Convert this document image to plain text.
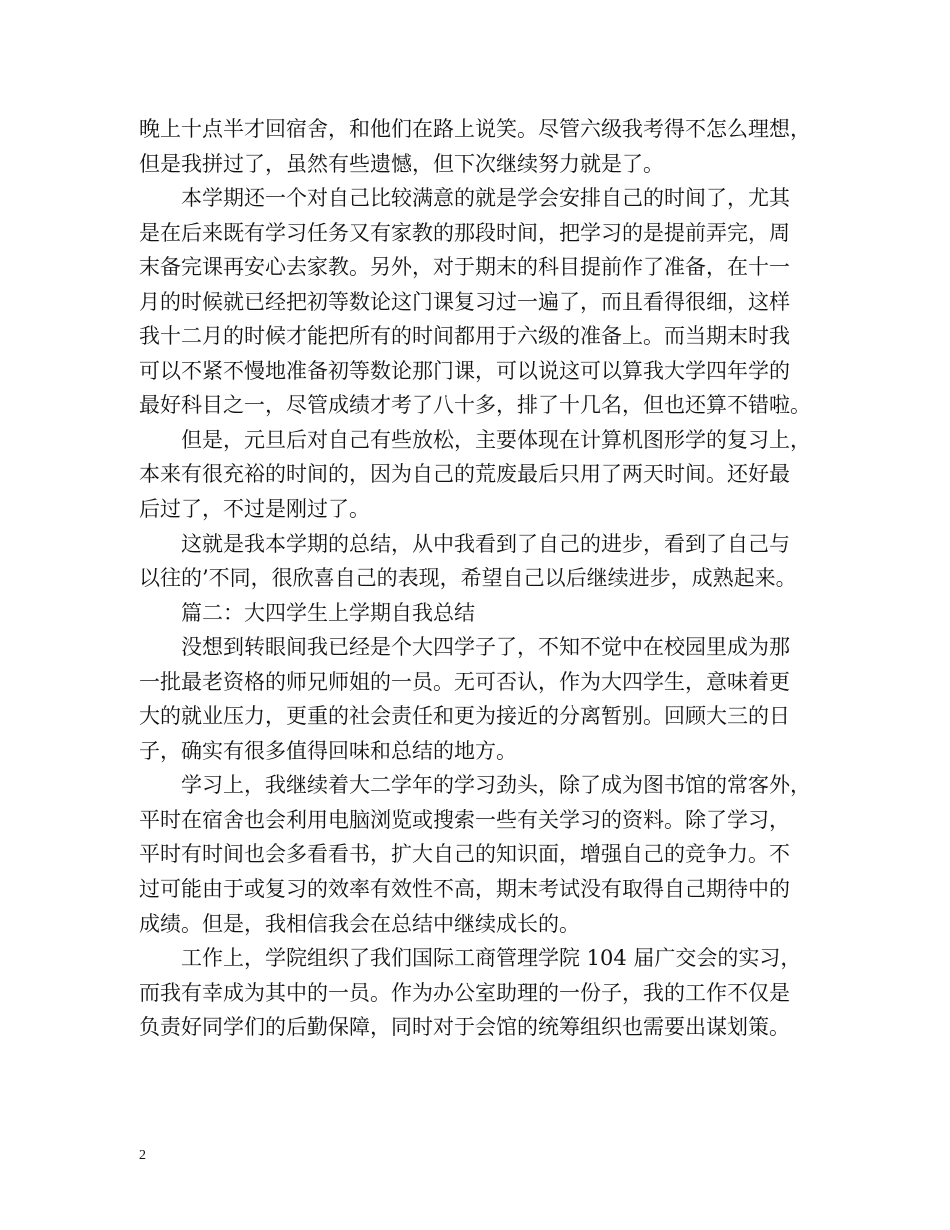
晚上十点半才回宿舍，和他们在路上说笑。尽管六级我考得不怎么理想，
但是我拼过了，虽然有些遗憾，但下次继续努力就是了。
本学期还一个对自己比较满意的就是学会安排自己的时间了，尤其
是在后来既有学习任务又有家教的那段时间，把学习的是提前弄完，周
末备完课再安心去家教。另外，对于期末的科目提前作了准备，在十一
月的时候就已经把初等数论这门课复习过一遍了，而且看得很细，这样
我十二月的时候才能把所有的时间都用于六级的准备上。而当期末时我
可以不紧不慢地准备初等数论那门课，可以说这可以算我大学四年学的
最好科目之一，尽管成绩才考了八十多，排了十几名，但也还算不错啦。
但是，元旦后对自己有些放松，主要体现在计算机图形学的复习上，
本来有很充裕的时间的，因为自己的荒废最后只用了两天时间。还好最
后过了，不过是刚过了。
这就是我本学期的总结，从中我看到了自己的进步，看到了自己与
以往的’不同，很欣喜自己的表现，希望自己以后继续进步，成熟起来。
篇二：大四学生上学期自我总结
没想到转眼间我已经是个大四学子了，不知不觉中在校园里成为那
一批最老资格的师兄师姐的一员。无可否认，作为大四学生，意味着更
大的就业压力，更重的社会责任和更为接近的分离暂别。回顾大三的日
子，确实有很多值得回味和总结的地方。
学习上，我继续着大二学年的学习劲头，除了成为图书馆的常客外，
平时在宿舍也会利用电脑浏览或搜索一些有关学习的资料。除了学习，
平时有时间也会多看看书，扩大自己的知识面，增强自己的竞争力。不
过可能由于或复习的效率有效性不高，期末考试没有取得自己期待中的
成绩。但是，我相信我会在总结中继续成长的。
工作上，学院组织了我们国际工商管理学院 104 届广交会的实习，
而我有幸成为其中的一员。作为办公室助理的一份子，我的工作不仅是
负责好同学们的后勤保障，同时对于会馆的统筹组织也需要出谋划策。
2
